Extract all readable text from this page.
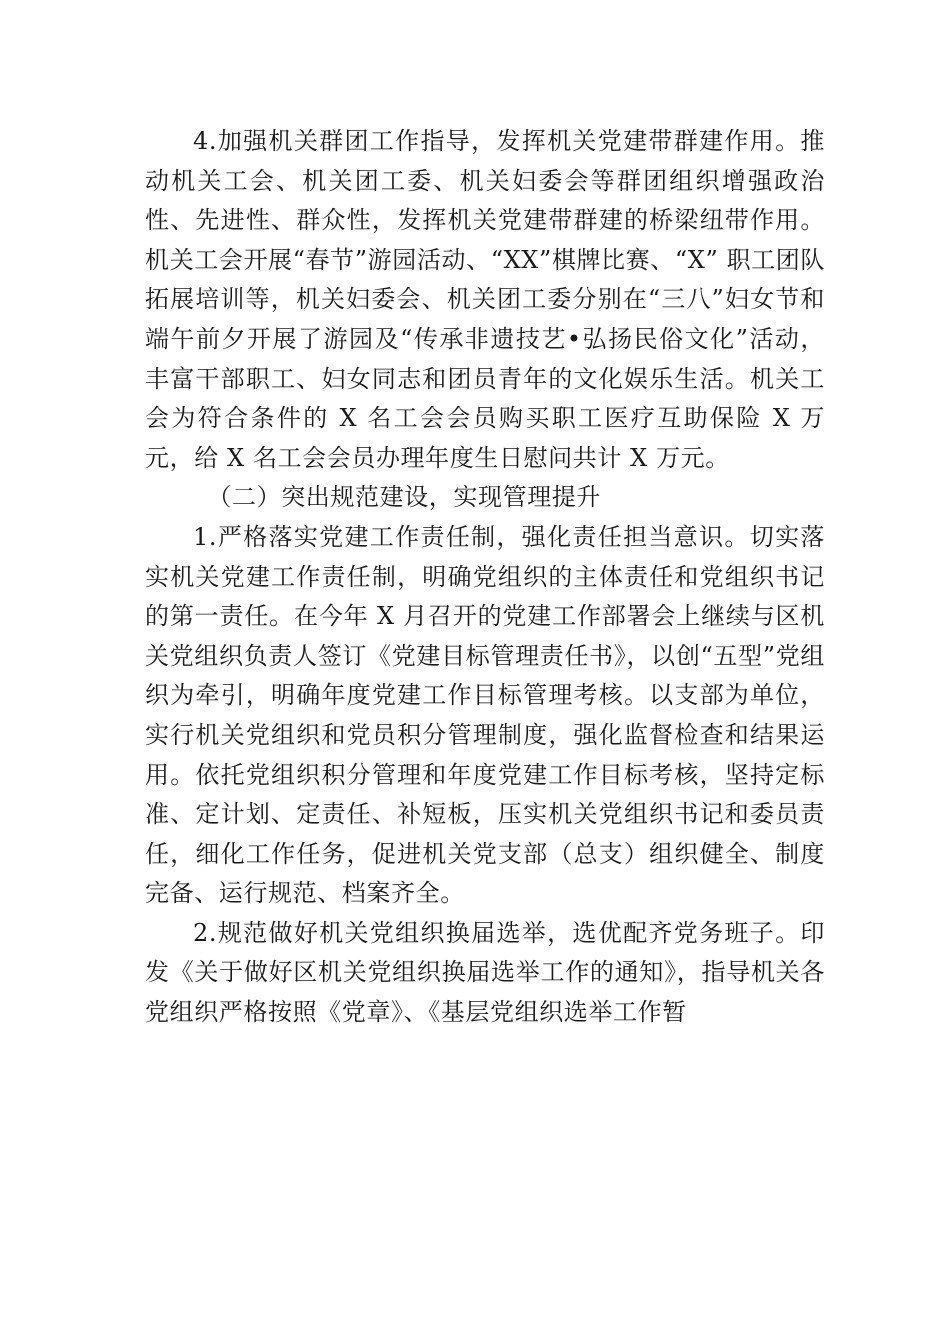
4.加强机关群团工作指导，发挥机关党建带群建作用。推动机关工会、机关团工委、机关妇委会等群团组织增强政治性、先进性、群众性，发挥机关党建带群建的桥梁纽带作用。机关工会开展“春节”游园活动、“XX”棋牌比赛、“X” 职工团队拓展培训等，机关妇委会、机关团工委分别在“三八”妇女节和端午前夕开展了游园及“传承非遗技艺•弘扬民俗文化”活动，丰富干部职工、妇女同志和团员青年的文化娱乐生活。机关工会为符合条件的 X 名工会会员购买职工医疗互助保险 X 万元，给 X 名工会会员办理年度生日慰问共计 X 万元。

（二）突出规范建设，实现管理提升

1.严格落实党建工作责任制，强化责任担当意识。切实落实机关党建工作责任制，明确党组织的主体责任和党组织书记的第一责任。在今年 X 月召开的党建工作部署会上继续与区机关党组织负责人签订《党建目标管理责任书》，以创“五型”党组织为牵引，明确年度党建工作目标管理考核。以支部为单位，实行机关党组织和党员积分管理制度，强化监督检查和结果运用。依托党组织积分管理和年度党建工作目标考核，坚持定标准、定计划、定责任、补短板，压实机关党组织书记和委员责任，细化工作任务，促进机关党支部（总支）组织健全、制度完备、运行规范、档案齐全。

2.规范做好机关党组织换届选举，选优配齐党务班子。印发《关于做好区机关党组织换届选举工作的通知》，指导机关各党组织严格按照《党章》、《基层党组织选举工作暂
